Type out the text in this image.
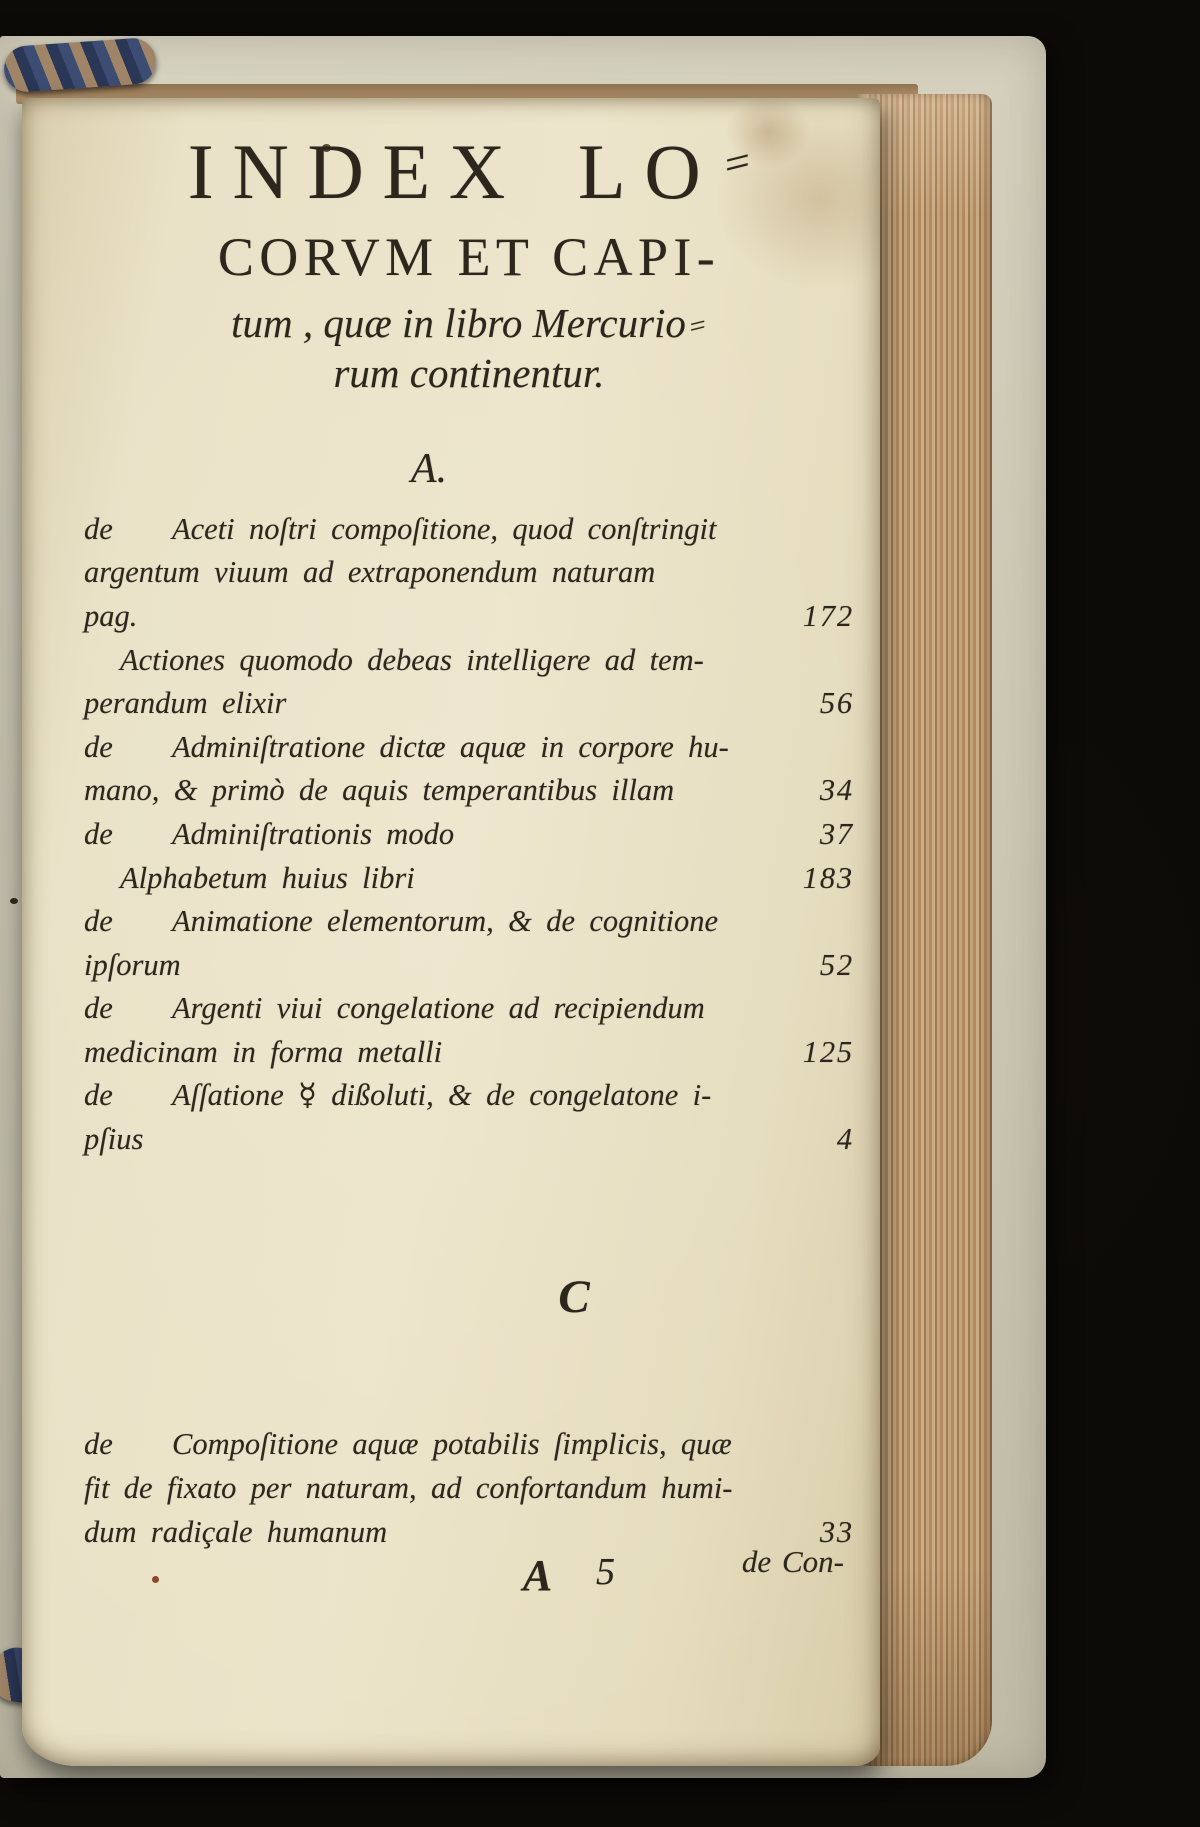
INDEX LO =
CORVM ET CAPI-
tum , quæ in libro Mercurio=
rum continentur.
A.
de	Aceti noſtri compoſitione, quod conſtringit
argentum viuum ad extraponendum naturam
pag.	172
Actiones quomodo debeas intelligere ad tem-
perandum elixir	56
de	Adminiſtratione dictæ aquæ in corpore hu-
mano, & primò de aquis temperantibus illam	34
de	Adminiſtrationis modo	37
Alphabetum huius libri	183
de	Animatione elementorum, & de cognitione
ipſorum	52
de	Argenti viui congelatione ad recipiendum
medicinam in forma metalli	125
de	Aſſatione ☿ dißoluti, & de congelatone i-
pſius	4
C
de	Compoſitione aquæ potabilis ſimplicis, quæ
fit de fixato per naturam, ad confortandum humi-
dum radiçale humanum	33
A 5	de Con-
